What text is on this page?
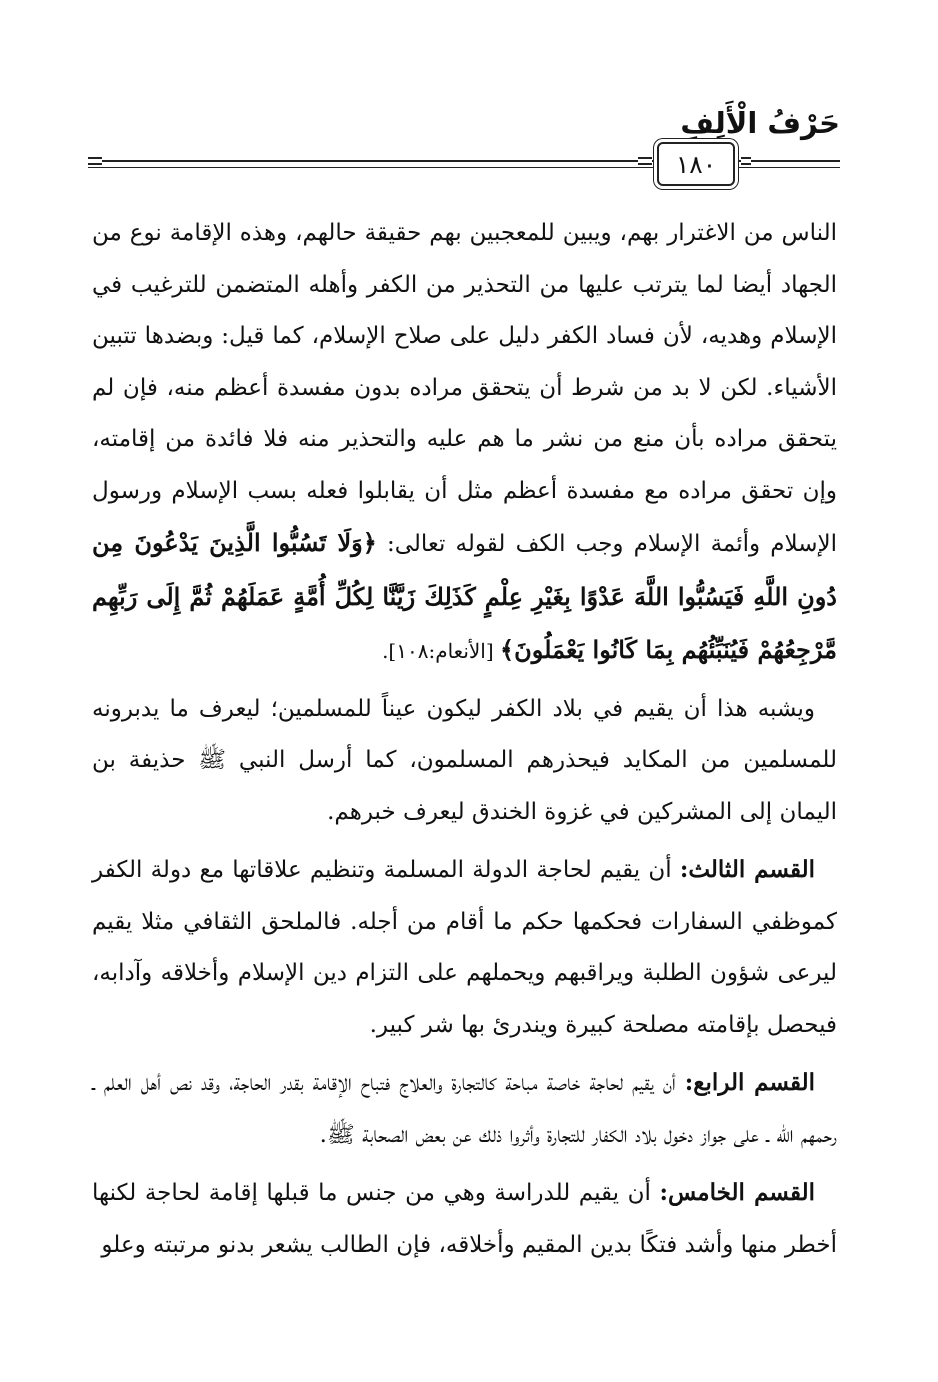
حَرْفُ الْأَلِفِ
١٨٠

الناس من الاغترار بهم، ويبين للمعجبين بهم حقيقة حالهم، وهذه الإقامة نوع من الجهاد أيضا لما يترتب عليها من التحذير من الكفر وأهله المتضمن للترغيب في الإسلام وهديه، لأن فساد الكفر دليل على صلاح الإسلام، كما قيل: وبضدها تتبين الأشياء. لكن لا بد من شرط أن يتحقق مراده بدون مفسدة أعظم منه، فإن لم يتحقق مراده بأن منع من نشر ما هم عليه والتحذير منه فلا فائدة من إقامته، وإن تحقق مراده مع مفسدة أعظم مثل أن يقابلوا فعله بسب الإسلام ورسول الإسلام وأئمة الإسلام وجب الكف لقوله تعالى: ﴿وَلَا تَسُبُّوا الَّذِينَ يَدْعُونَ مِن دُونِ اللَّهِ فَيَسُبُّوا اللَّهَ عَدْوًا بِغَيْرِ عِلْمٍ كَذَلِكَ زَيَّنَّا لِكُلِّ أُمَّةٍ عَمَلَهُمْ ثُمَّ إِلَى رَبِّهِم مَّرْجِعُهُمْ فَيُنَبِّئُهُم بِمَا كَانُوا يَعْمَلُونَ﴾ [الأنعام:١٠٨].

ويشبه هذا أن يقيم في بلاد الكفر ليكون عيناً للمسلمين؛ ليعرف ما يدبرونه للمسلمين من المكايد فيحذرهم المسلمون، كما أرسل النبي ﷺ حذيفة بن اليمان إلى المشركين في غزوة الخندق ليعرف خبرهم.

القسم الثالث: أن يقيم لحاجة الدولة المسلمة وتنظيم علاقاتها مع دولة الكفر كموظفي السفارات فحكمها حكم ما أقام من أجله. فالملحق الثقافي مثلا يقيم ليرعى شؤون الطلبة ويراقبهم ويحملهم على التزام دين الإسلام وأخلاقه وآدابه، فيحصل بإقامته مصلحة كبيرة ويندرئ بها شر كبير.

القسم الرابع: أن يقيم لحاجة خاصة مباحة كالتجارة والعلاج فتباح الإقامة بقدر الحاجة، وقد نص أهل العلم ـ رحمهم الله ـ على جواز دخول بلاد الكفار للتجارة وأثروا ذلك عن بعض الصحابة ﷺ.

القسم الخامس: أن يقيم للدراسة وهي من جنس ما قبلها إقامة لحاجة لكنها أخطر منها وأشد فتكًا بدين المقيم وأخلاقه، فإن الطالب يشعر بدنو مرتبته وعلو
